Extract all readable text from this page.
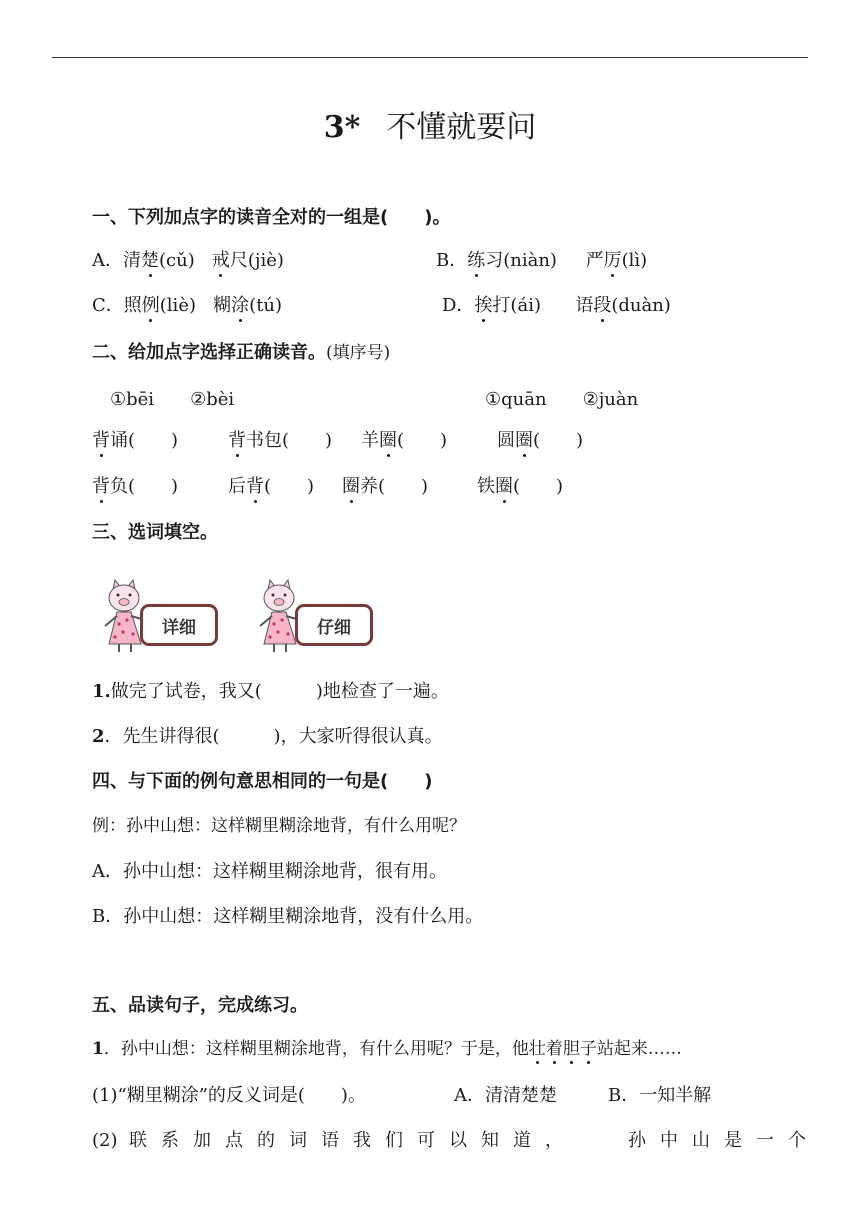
3* 不懂就要问
一、下列加点字的读音全对的一组是(　　)。
A．清楚(cǔ) 戒尺(jiè)	B．练习(niàn) 严厉(lì)
C．照例(liè) 糊涂(tú)	D．挨打(ái) 语段(duàn)
二、给加点字选择正确读音。(填序号)
①bēi　　②bèi	①quān　　②juàn
背诵(　　)	背书包(　　) 羊圈(　　)	圆圈(　　)
背负(　　)	后背(　　) 圈养(　　)	铁圈(　　)
三、选词填空。
详细	仔细
1.做完了试卷，我又(　　　)地检查了一遍。
2．先生讲得很(　　　)，大家听得很认真。
四、与下面的例句意思相同的一句是(　　)
例：孙中山想：这样糊里糊涂地背，有什么用呢？
A．孙中山想：这样糊里糊涂地背，很有用。
B．孙中山想：这样糊里糊涂地背，没有什么用。
五、品读句子，完成练习。
1．孙中山想：这样糊里糊涂地背，有什么用呢？于是，他壮着胆子站起来……
(1)“糊里糊涂”的反义词是(　　)。	A．清清楚楚	B．一知半解
(2) 联系加点的词语我们可以知道，	孙中山是一个
